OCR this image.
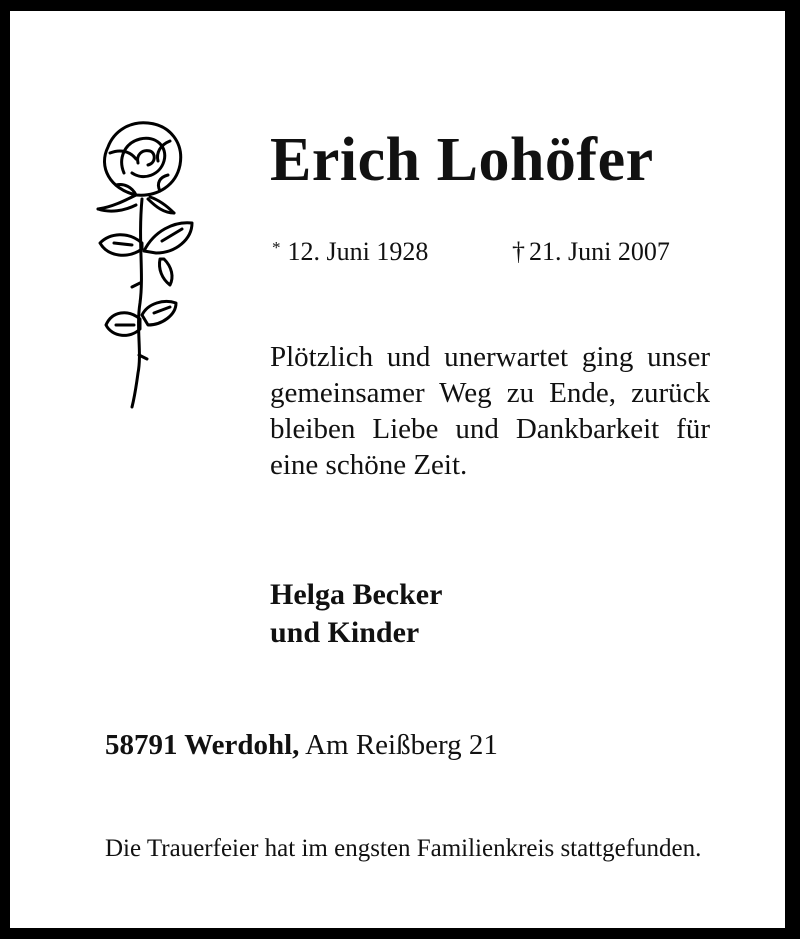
Erich Lohöfer
* 12. Juni 1928	† 21. Juni 2007
Plötzlich und unerwartet ging unser gemeinsamer Weg zu Ende, zurück bleiben Liebe und Dankbarkeit für eine schöne Zeit.
Helga Becker
und Kinder
58791 Werdohl, Am Reißberg 21
Die Trauerfeier hat im engsten Familienkreis stattgefunden.
